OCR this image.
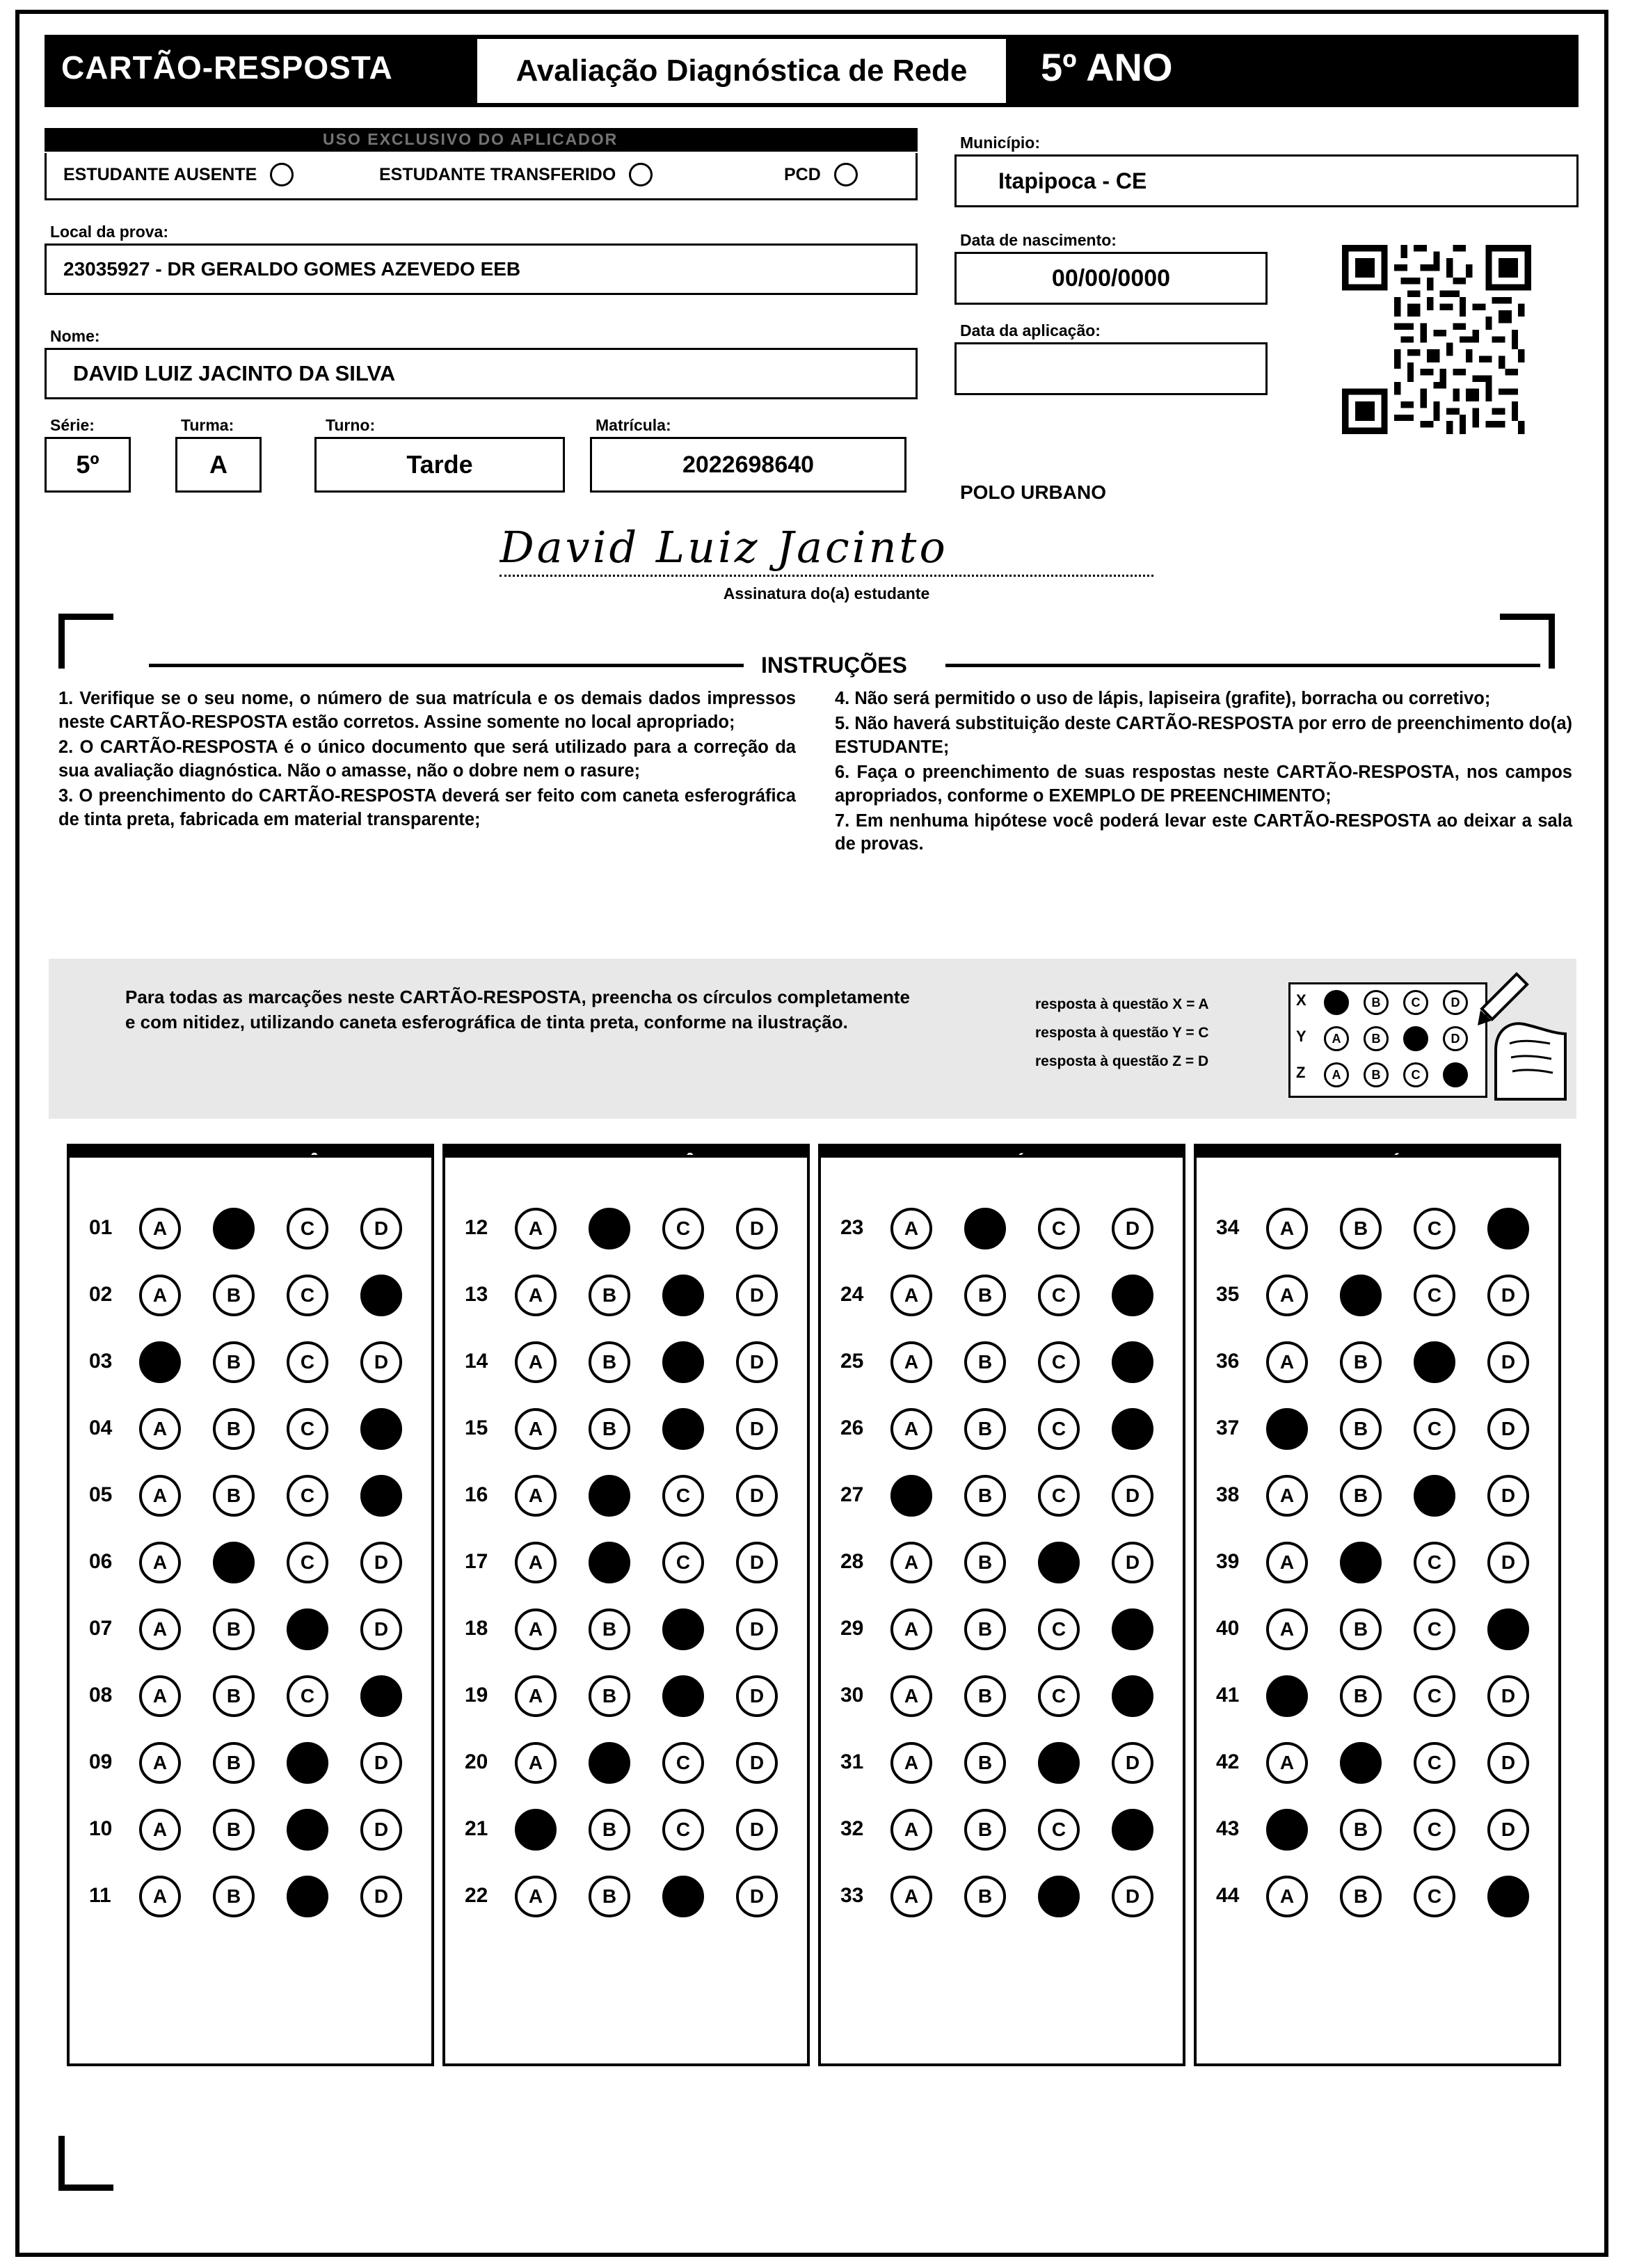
CARTÃO-RESPOSTA	Avaliação Diagnóstica de Rede 5º ANO
USO EXCLUSIVO DO APLICADOR
ESTUDANTE AUSENTE	ESTUDANTE TRANSFERIDO	PCD
Local da prova:
23035927 - DR GERALDO GOMES AZEVEDO EEB
Nome:
DAVID LUIZ JACINTO DA SILVA
Série:
5º
Turma:
A
Turno:
Tarde
Matrícula:
2022698640
Município:
Itapipoca - CE
Data de nascimento:
00/00/0000
Data da aplicação:
POLO URBANO
David Luiz Jacinto
Assinatura do(a) estudante
INSTRUÇÕES

1. Verifique se o seu nome, o número de sua matrícula e os demais dados impressos neste CARTÃO-RESPOSTA estão corretos. Assine somente no local apropriado;

2. O CARTÃO-RESPOSTA é o único documento que será utilizado para a correção da sua avaliação diagnóstica. Não o amasse, não o dobre nem o rasure;

3. O preenchimento do CARTÃO-RESPOSTA deverá ser feito com caneta esferográfica de tinta preta, fabricada em material transparente;

4. Não será permitido o uso de lápis, lapiseira (grafite), borracha ou corretivo;

5. Não haverá substituição deste CARTÃO-RESPOSTA por erro de preenchimento do(a) ESTUDANTE;

6. Faça o preenchimento de suas respostas neste CARTÃO-RESPOSTA, nos campos apropriados, conforme o EXEMPLO DE PREENCHIMENTO;

7. Em nenhuma hipótese você poderá levar este CARTÃO-RESPOSTA ao deixar a sala de provas.

Para todas as marcações neste CARTÃO-RESPOSTA, preencha os círculos completamente e com nitidez, utilizando caneta esferográfica de tinta preta, conforme na ilustração.
resposta à questão X = A
resposta à questão Y = C
resposta à questão Z = D
X	A	B	C	D
Y	A	B	C	D
Z	A	B	C	D
01	A	B	C	D
02	A	B	C	D
03	A	B	C	D
04	A	B	C	D
05	A	B	C	D
06	A	B	C	D
07	A	B	C	D
08	A	B	C	D
09	A	B	C	D
10	A	B	C	D
11	A	B	C	D
12	A	B	C	D
13	A	B	C	D
14	A	B	C	D
15	A	B	C	D
16	A	B	C	D
17	A	B	C	D
18	A	B	C	D
19	A	B	C	D
20	A	B	C	D
21	A	B	C	D
22	A	B	C	D
23	A	B	C	D
24	A	B	C	D
25	A	B	C	D
26	A	B	C	D
27	A	B	C	D
28	A	B	C	D
29	A	B	C	D
30	A	B	C	D
31	A	B	C	D
32	A	B	C	D
33	A	B	C	D
34	A	B	C	D
35	A	B	C	D
36	A	B	C	D
37	A	B	C	D
38	A	B	C	D
39	A	B	C	D
40	A	B	C	D
41	A	B	C	D
42	A	B	C	D
43	A	B	C	D
44	A	B	C	D
